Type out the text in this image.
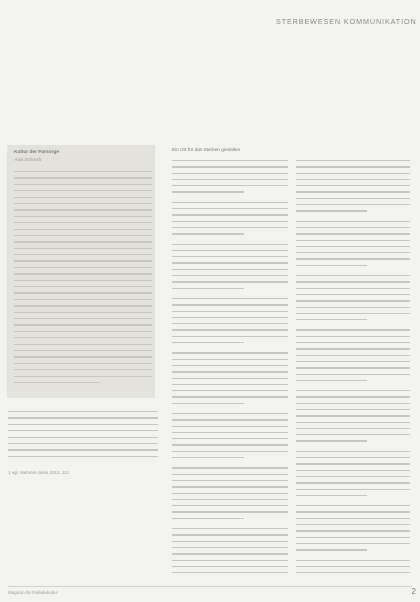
STERBEWESEN KOMMUNIKATION
Kultur der Fürsorge
Anja Schmidt
Ein Ort für das Sterben gestalten
1 vgl. Mehrere Seite 2012, 311
Magazin für Palliativkultur	2
